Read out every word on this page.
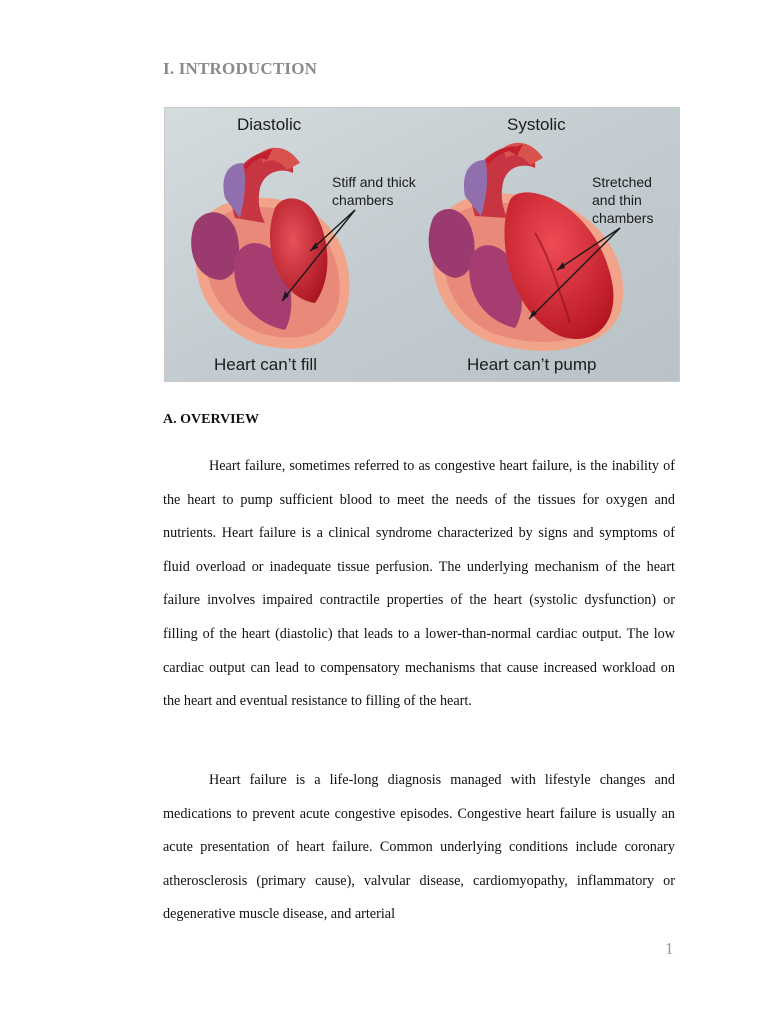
I. INTRODUCTION
Diastolic	Systolic
Stiff and thick
chambers
Stretched
and thin
chambers
Heart can’t fill	Heart can’t pump
A. OVERVIEW

Heart failure, sometimes referred to as congestive heart failure, is the inability of the heart to pump sufficient blood to meet the needs of the tissues for oxygen and nutrients. Heart failure is a clinical syndrome characterized by signs and symptoms of fluid overload or inadequate tissue perfusion. The underlying mechanism of the heart failure involves impaired contractile properties of the heart (systolic dysfunction) or filling of the heart (diastolic) that leads to a lower-than-normal cardiac output. The low cardiac output can lead to compensatory mechanisms that cause increased workload on the heart and eventual resistance to filling of the heart.

Heart failure is a life-long diagnosis managed with lifestyle changes and medications to prevent acute congestive episodes. Congestive heart failure is usually an acute presentation of heart failure. Common underlying conditions include coronary atherosclerosis (primary cause), valvular disease, cardiomyopathy, inflammatory or degenerative muscle disease, and arterial

1
